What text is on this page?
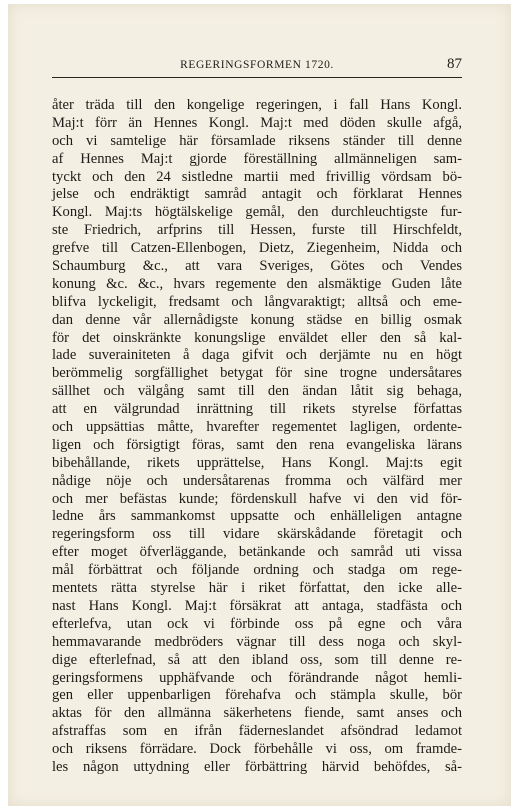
REGERINGSFORMEN 1720.	87
åter träda till den kongelige regeringen, i fall Hans Kongl.
Maj:t förr än Hennes Kongl. Maj:t med döden skulle afgå,
och vi samtelige här församlade riksens ständer till denne
af Hennes Maj:t gjorde föreställning allmänneligen sam-
tyckt och den 24 sistledne martii med frivillig vördsam bö-
jelse och endräktigt samråd antagit och förklarat Hennes
Kongl. Maj:ts högtälskelige gemål, den durchleuchtigste fur-
ste Friedrich, arfprins till Hessen, furste till Hirschfeldt,
grefve till Catzen-Ellenbogen, Dietz, Ziegenheim, Nidda och
Schaumburg &c., att vara Sveriges, Götes och Vendes
konung &c. &c., hvars regemente den alsmäktige Guden låte
blifva lyckeligit, fredsamt och långvaraktigt; alltså och eme-
dan denne vår allernådigste konung städse en billig osmak
för det oinskränkte konungslige enväldet eller den så kal-
lade suverainiteten å daga gifvit och derjämte nu en högt
berömmelig sorgfällighet betygat för sine trogne undersåtares
sällhet och välgång samt till den ändan låtit sig behaga,
att en välgrundad inrättning till rikets styrelse författas
och uppsättias måtte, hvarefter regementet lagligen, ordente-
ligen och försigtigt föras, samt den rena evangeliska lärans
bibehållande, rikets upprättelse, Hans Kongl. Maj:ts egit
nådige nöje och undersåtarenas fromma och välfärd mer
och mer befästas kunde; fördenskull hafve vi den vid för-
ledne års sammankomst uppsatte och enhälleligen antagne
regeringsform oss till vidare skärskådande företagit och
efter moget öfverläggande, betänkande och samråd uti vissa
mål förbättrat och följande ordning och stadga om rege-
mentets rätta styrelse här i riket författat, den icke alle-
nast Hans Kongl. Maj:t försäkrat att antaga, stadfästa och
efterlefva, utan ock vi förbinde oss på egne och våra
hemmavarande medbröders vägnar till dess noga och skyl-
dige efterlefnad, så att den ibland oss, som till denne re-
geringsformens upphäfvande och förändrande något hemli-
gen eller uppenbarligen förehafva och stämpla skulle, bör
aktas för den allmänna säkerhetens fiende, samt anses och
afstraffas som en ifrån fäderneslandet afsöndrad ledamot
och riksens förrädare. Dock förbehålle vi oss, om framde-
les någon uttydning eller förbättring härvid behöfdes, så-
